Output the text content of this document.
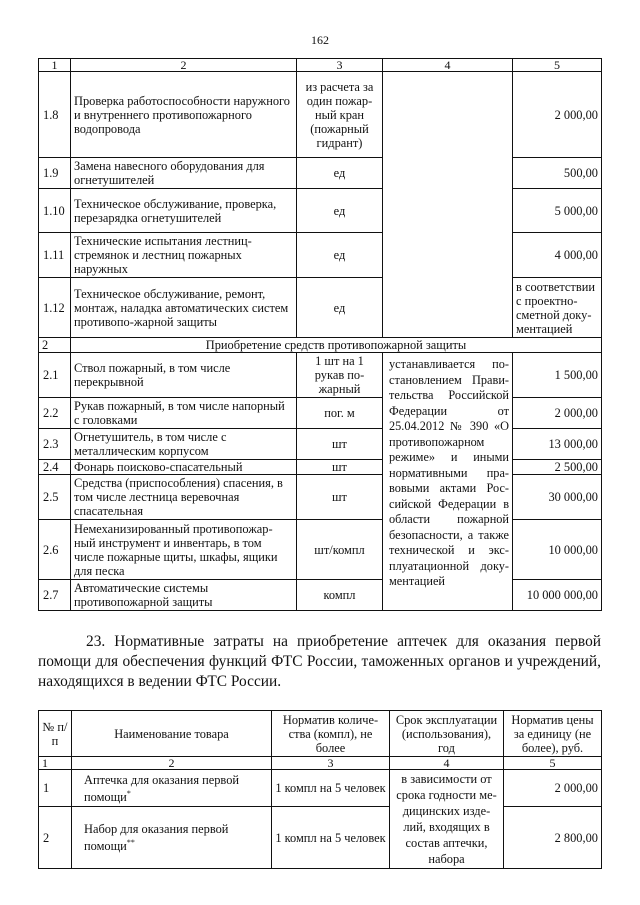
162
1	2	3	4	5
1.8	Проверка работоспособности наружного и внутреннего противопожарного водопровода	из расчета за один пожар-ный кран (пожарный гидрант)		2 000,00
1.9	Замена навесного оборудования для огнетушителей	ед		500,00
1.10	Техническое обслуживание, проверка, перезарядка огнетушителей	ед		5 000,00
1.11	Технические испытания лестниц-стремянок и лестниц пожарных наружных	ед		4 000,00
1.12	Техническое обслуживание, ремонт, монтаж, наладка автоматических систем противопо-жарной защиты	ед		в соответствии с проектно-сметной доку-ментацией
2	Приобретение средств противопожарной защиты			
2.1	Ствол пожарный, в том числе перекрывной	1 шт на 1 рукав по-жарный	устанавливается по-становлением Прави-тельства Российской Федерации от 25.04.2012 № 390 «О противопожарном режиме» и иными нормативными пра-вовыми актами Рос-сийской Федерации в области пожарной безопасности, а также технической и экс-плуатационной доку-ментацией	1 500,00
2.2	Рукав пожарный, в том числе напорный с головками	пог. м		2 000,00
2.3	Огнетушитель, в том числе с металлическим корпусом	шт		13 000,00
2.4	Фонарь поисково-спасательный	шт		2 500,00
2.5	Средства (приспособления) спасения, в том числе лестница веревочная спасательная	шт		30 000,00
2.6	Немеханизированный противопожар-ный инструмент и инвентарь, в том числе пожарные щиты, шкафы, ящики для песка	шт/компл		10 000,00
2.7	Автоматические системы противопожарной защиты	компл		10 000 000,00
23. Нормативные затраты на приобретение аптечек для оказания первой помощи для обеспечения функций ФТС России, таможенных органов и учреждений, находящихся в ведении ФТС России.
№ п/п	Наименование товара	Норматив количе-ства (компл), не более	Срок эксплуатации (использования), год	Норматив цены за единицу (не более), руб.
1	2	3	4	5
1	Аптечка для оказания первой помощи*	1 компл на 5 человек	в зависимости от срока годности ме-дицинских изде-лий, входящих в состав аптечки, набора	2 000,00
2	Набор для оказания первой помощи**	1 компл на 5 человек		2 800,00
